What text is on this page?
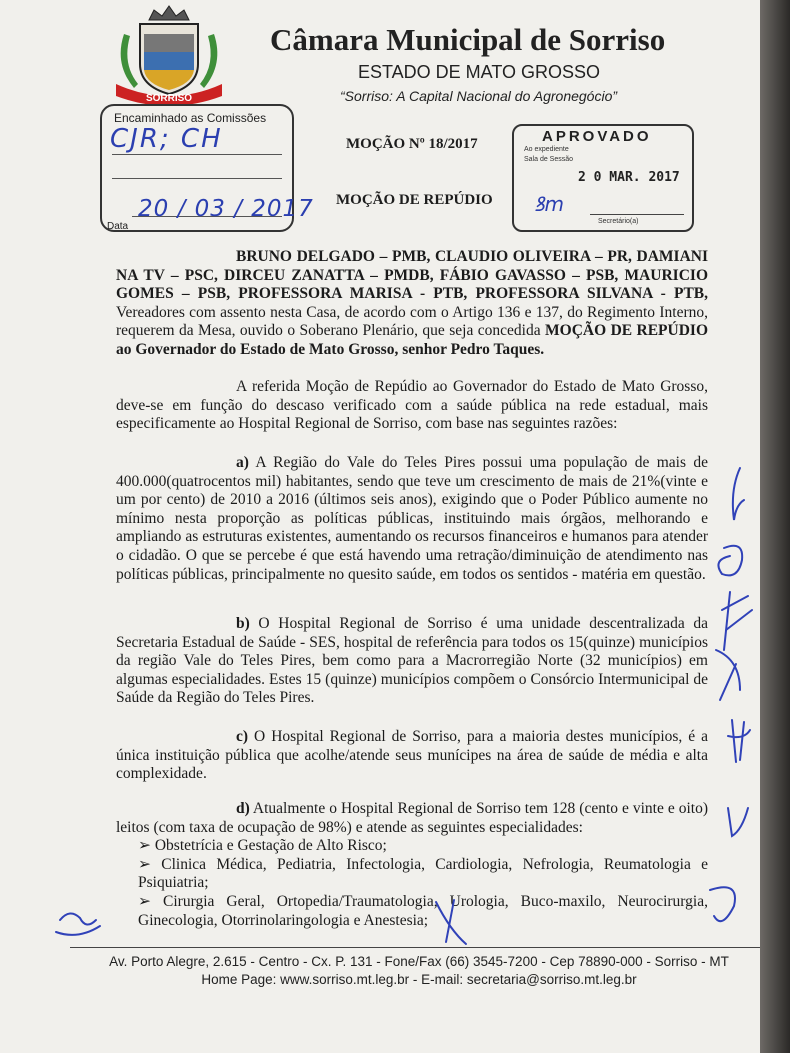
SORRISO
Câmara Municipal de Sorriso
ESTADO DE MATO GROSSO
“Sorriso: A Capital Nacional do Agronegócio”
Encaminhado as Comissões
Data
CJR; CH
20 / 03 / 2017
MOÇÃO Nº 18/2017
MOÇÃO DE REPÚDIO
APROVADO
Ao expediente
Sala de Sessão
2 0 MAR. 2017
ꝸm
Secretário(a)

BRUNO DELGADO – PMB, CLAUDIO OLIVEIRA – PR, DAMIANI NA TV – PSC, DIRCEU ZANATTA – PMDB, FÁBIO GAVASSO – PSB, MAURICIO GOMES – PSB, PROFESSORA MARISA - PTB, PROFESSORA SILVANA - PTB, Vereadores com assento nesta Casa, de acordo com o Artigo 136 e 137, do Regimento Interno, requerem da Mesa, ouvido o Soberano Plenário, que seja concedida MOÇÃO DE REPÚDIO ao Governador do Estado de Mato Grosso, senhor Pedro Taques.

A referida Moção de Repúdio ao Governador do Estado de Mato Grosso, deve-se em função do descaso verificado com a saúde pública na rede estadual, mais especificamente ao Hospital Regional de Sorriso, com base nas seguintes razões:

a) A Região do Vale do Teles Pires possui uma população de mais de 400.000(quatrocentos mil) habitantes, sendo que teve um crescimento de mais de 21%(vinte e um por cento) de 2010 a 2016 (últimos seis anos), exigindo que o Poder Público aumente no mínimo nesta proporção as políticas públicas, instituindo mais órgãos, melhorando e ampliando as estruturas existentes, aumentando os recursos financeiros e humanos para atender o cidadão. O que se percebe é que está havendo uma retração/diminuição de atendimento nas políticas públicas, principalmente no quesito saúde, em todos os sentidos - matéria em questão.

b) O Hospital Regional de Sorriso é uma unidade descentralizada da Secretaria Estadual de Saúde - SES, hospital de referência para todos os 15(quinze) municípios da região Vale do Teles Pires, bem como para a Macrorregião Norte (32 municípios) em algumas especialidades. Estes 15 (quinze) municípios compõem o Consórcio Intermunicipal de Saúde da Região do Teles Pires.

c) O Hospital Regional de Sorriso, para a maioria destes municípios, é a única instituição pública que acolhe/atende seus munícipes na área de saúde de média e alta complexidade.

d) Atualmente o Hospital Regional de Sorriso tem 128 (cento e vinte e oito) leitos (com taxa de ocupação de 98%) e atende as seguintes especialidades:

➢ Obstetrícia e Gestação de Alto Risco;

➢ Clinica Médica, Pediatria, Infectologia, Cardiologia, Nefrologia, Reumatologia e Psiquiatria;

➢ Cirurgia Geral, Ortopedia/Traumatologia, Urologia, Buco-maxilo, Neurocirurgia, Ginecologia, Otorrinolaringologia e Anestesia;

Av. Porto Alegre, 2.615 - Centro - Cx. P. 131 - Fone/Fax (66) 3545-7200 - Cep 78890-000 - Sorriso - MT

Home Page: www.sorriso.mt.leg.br - E-mail: secretaria@sorriso.mt.leg.br
